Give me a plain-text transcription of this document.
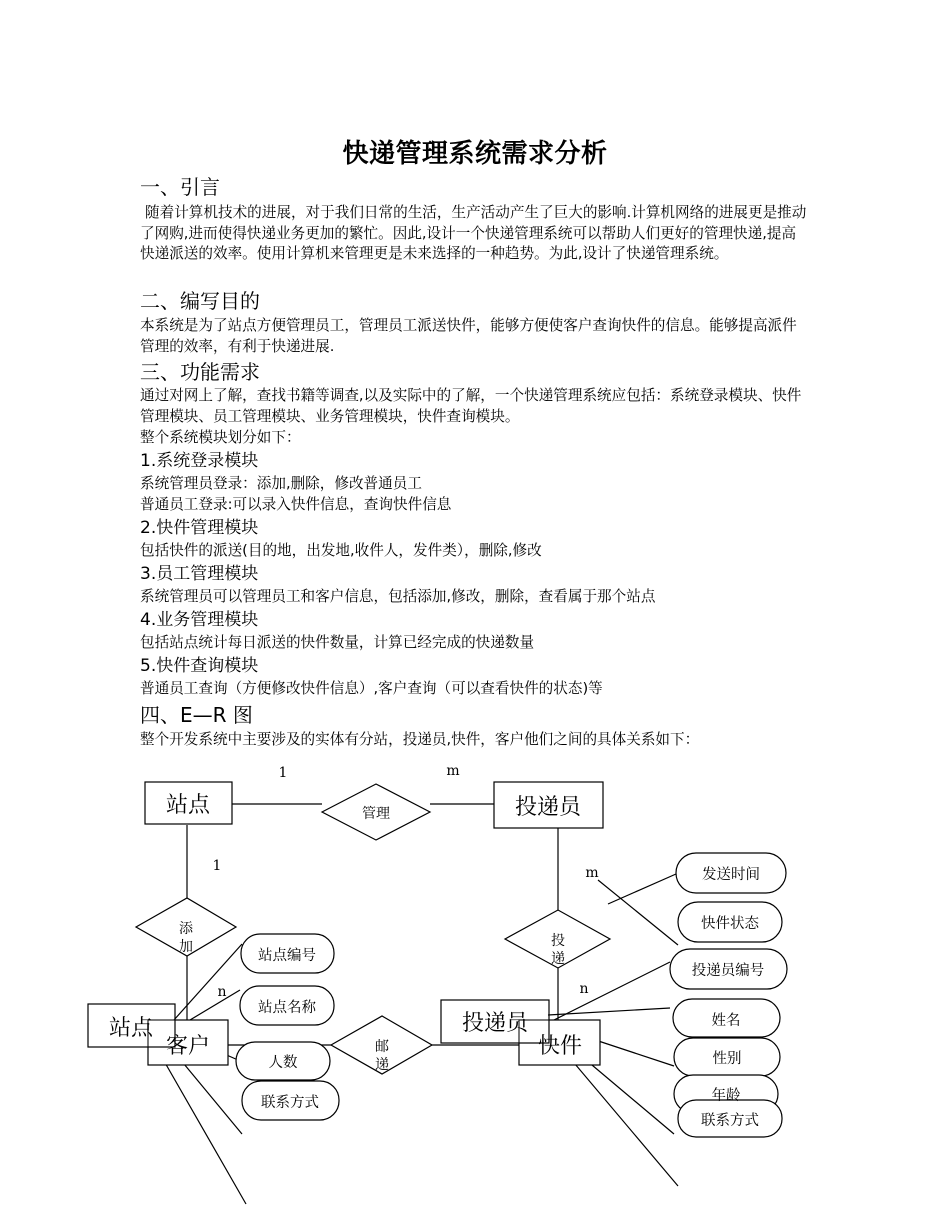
快递管理系统需求分析
一、引言
随着计算机技术的进展，对于我们日常的生活，生产活动产生了巨大的影响.计算机网络的进展更是推动了网购,进而使得快递业务更加的繁忙。因此,设计一个快递管理系统可以帮助人们更好的管理快递,提高快递派送的效率。使用计算机来管理更是未来选择的一种趋势。为此,设计了快递管理系统。
二、编写目的
本系统是为了站点方便管理员工，管理员工派送快件，能够方便使客户查询快件的信息。能够提高派件管理的效率，有利于快递进展.
三、功能需求
通过对网上了解，查找书籍等调查,以及实际中的了解，一个快递管理系统应包括：系统登录模块、快件管理模块、员工管理模块、业务管理模块，快件查询模块。
整个系统模块划分如下：
1.系统登录模块
系统管理员登录：添加,删除，修改普通员工
普通员工登录:可以录入快件信息，查询快件信息
2.快件管理模块
包括快件的派送(目的地，出发地,收件人，发件类），删除,修改
3.员工管理模块
系统管理员可以管理员工和客户信息，包括添加,修改，删除，查看属于那个站点
4.业务管理模块
包括站点统计每日派送的快件数量，计算已经完成的快递数量
5.快件查询模块
普通员工查询（方便修改快件信息）,客户查询（可以查看快件的状态)等
四、E—R 图
整个开发系统中主要涉及的实体有分站，投递员,快件，客户他们之间的具体关系如下：
站点	投递员
客户	快件
站点	投递员
管理
添
加	投
递
邮
递
发送时间
快件状态
投递员编号
姓名
性别
年龄
联系方式
站点编号
站点名称
人数
联系方式
1	m
1
n
m
n
